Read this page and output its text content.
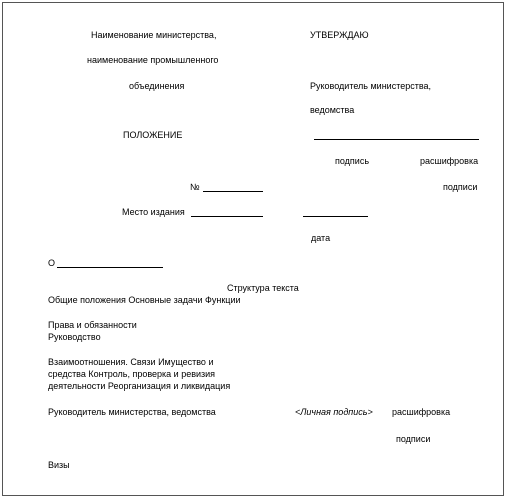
Наименование министерства,
наименование промышленного
объединения
УТВЕРЖДАЮ
Руководитель министерства,
ведомства
ПОЛОЖЕНИЕ
подпись	расшифровка
№	подписи
Место издания
дата
О
Структура текста
Общие положения Основные задачи Функции
Права и обязанности
Руководство
Взаимоотношения. Связи Имущество и
средства Контроль, проверка и ревизия
деятельности Реорганизация и ликвидация
Руководитель министерства, ведомства	<Личная подпись> расшифровка
подписи
Визы
